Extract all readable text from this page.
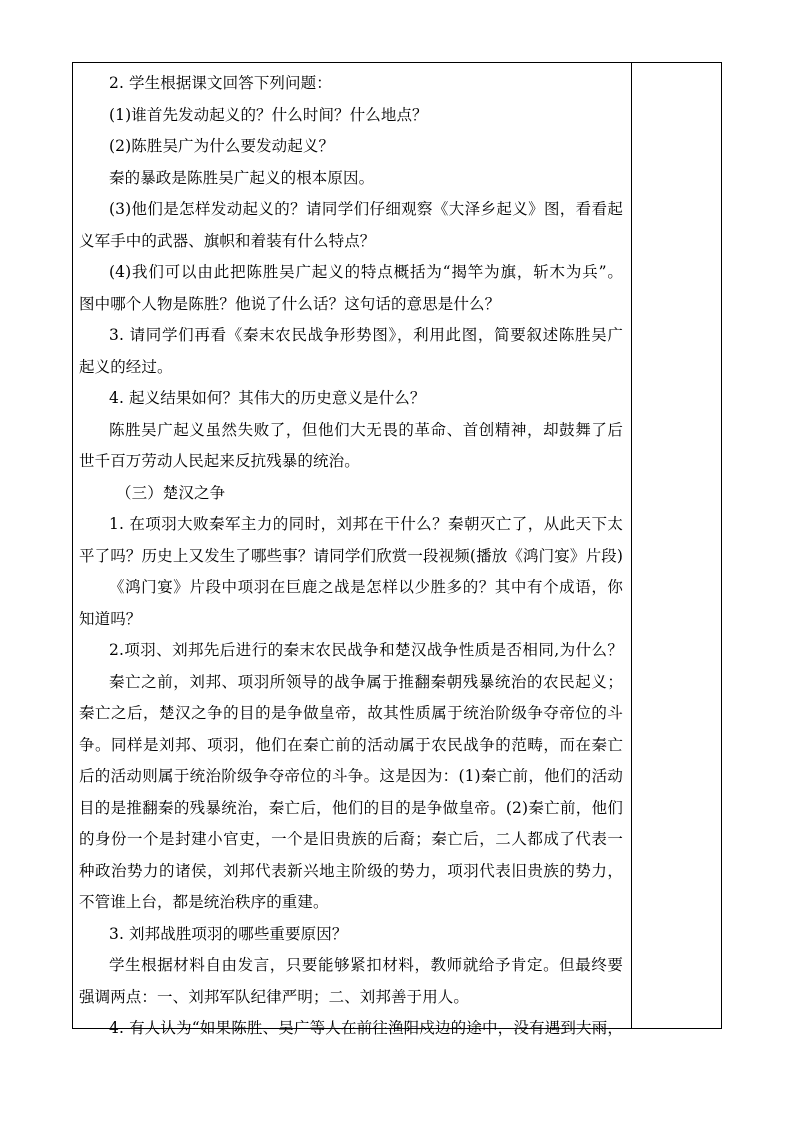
2. 学生根据课文回答下列问题：
(1)谁首先发动起义的？什么时间？什么地点？
(2)陈胜吴广为什么要发动起义？
秦的暴政是陈胜吴广起义的根本原因。
(3)他们是怎样发动起义的？请同学们仔细观察《大泽乡起义》图，看看起
义军手中的武器、旗帜和着装有什么特点？
(4)我们可以由此把陈胜吴广起义的特点概括为“揭竿为旗，斩木为兵”。
图中哪个人物是陈胜？他说了什么话？这句话的意思是什么？
3. 请同学们再看《秦末农民战争形势图》，利用此图，简要叙述陈胜吴广
起义的经过。
4. 起义结果如何？其伟大的历史意义是什么？
陈胜吴广起义虽然失败了，但他们大无畏的革命、首创精神，却鼓舞了后
世千百万劳动人民起来反抗残暴的统治。
（三）楚汉之争
1. 在项羽大败秦军主力的同时，刘邦在干什么？秦朝灭亡了，从此天下太
平了吗？历史上又发生了哪些事？请同学们欣赏一段视频(播放《鸿门宴》片段)
《鸿门宴》片段中项羽在巨鹿之战是怎样以少胜多的？其中有个成语，你
知道吗？
2.项羽、刘邦先后进行的秦末农民战争和楚汉战争性质是否相同,为什么？
秦亡之前，刘邦、项羽所领导的战争属于推翻秦朝残暴统治的农民起义；
秦亡之后，楚汉之争的目的是争做皇帝，故其性质属于统治阶级争夺帝位的斗
争。同样是刘邦、项羽，他们在秦亡前的活动属于农民战争的范畴，而在秦亡
后的活动则属于统治阶级争夺帝位的斗争。这是因为：(1)秦亡前，他们的活动
目的是推翻秦的残暴统治，秦亡后，他们的目的是争做皇帝。(2)秦亡前，他们
的身份一个是封建小官吏，一个是旧贵族的后裔；秦亡后，二人都成了代表一
种政治势力的诸侯，刘邦代表新兴地主阶级的势力，项羽代表旧贵族的势力，
不管谁上台，都是统治秩序的重建。
3. 刘邦战胜项羽的哪些重要原因？
学生根据材料自由发言，只要能够紧扣材料，教师就给予肯定。但最终要
强调两点：一、刘邦军队纪律严明；二、刘邦善于用人。
4. 有人认为“如果陈胜、吴广等人在前往渔阳戍边的途中，没有遇到大雨，
